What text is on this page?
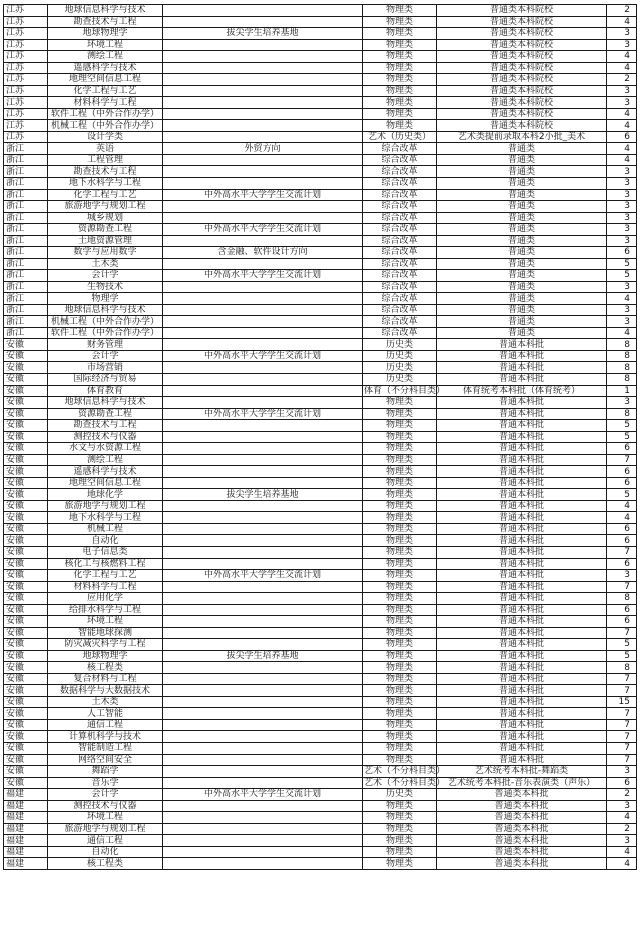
江苏	地球信息科学与技术		物理类	普通类本科院校	2
江苏	勘查技术与工程		物理类	普通类本科院校	4
江苏	地球物理学	拔尖学生培养基地	物理类	普通类本科院校	3
江苏	环境工程		物理类	普通类本科院校	3
江苏	测绘工程		物理类	普通类本科院校	4
江苏	遥感科学与技术		物理类	普通类本科院校	4
江苏	地理空间信息工程		物理类	普通类本科院校	2
江苏	化学工程与工艺		物理类	普通类本科院校	3
江苏	材料科学与工程		物理类	普通类本科院校	3
江苏	软件工程（中外合作办学）		物理类	普通类本科院校	4
江苏	机械工程（中外合作办学）		物理类	普通类本科院校	4
江苏	设计学类		艺术（历史类）	艺术类提前录取本科2小批_美术	6
浙江	英语	外贸方向	综合改革	普通类	4
浙江	工程管理		综合改革	普通类	4
浙江	勘查技术与工程		综合改革	普通类	3
浙江	地下水科学与工程		综合改革	普通类	3
浙江	化学工程与工艺	中外高水平大学学生交流计划	综合改革	普通类	3
浙江	旅游地学与规划工程		综合改革	普通类	3
浙江	城乡规划		综合改革	普通类	3
浙江	资源勘查工程	中外高水平大学学生交流计划	综合改革	普通类	3
浙江	土地资源管理		综合改革	普通类	3
浙江	数学与应用数学	含金融、软件设计方向	综合改革	普通类	6
浙江	土木类		综合改革	普通类	5
浙江	会计学	中外高水平大学学生交流计划	综合改革	普通类	5
浙江	生物技术		综合改革	普通类	3
浙江	物理学		综合改革	普通类	4
浙江	地球信息科学与技术		综合改革	普通类	3
浙江	机械工程（中外合作办学）		综合改革	普通类	3
浙江	软件工程（中外合作办学）		综合改革	普通类	4
安徽	财务管理		历史类	普通本科批	8
安徽	会计学	中外高水平大学学生交流计划	历史类	普通本科批	8
安徽	市场营销		历史类	普通本科批	8
安徽	国际经济与贸易		历史类	普通本科批	8
安徽	体育教育		体育（不分科目类）	体育统考本科批（体育统考）	1
安徽	地球信息科学与技术		物理类	普通本科批	3
安徽	资源勘查工程	中外高水平大学学生交流计划	物理类	普通本科批	8
安徽	勘查技术与工程		物理类	普通本科批	5
安徽	测控技术与仪器		物理类	普通本科批	5
安徽	水文与水资源工程		物理类	普通本科批	6
安徽	测绘工程		物理类	普通本科批	7
安徽	遥感科学与技术		物理类	普通本科批	6
安徽	地理空间信息工程		物理类	普通本科批	6
安徽	地球化学	拔尖学生培养基地	物理类	普通本科批	5
安徽	旅游地学与规划工程		物理类	普通本科批	4
安徽	地下水科学与工程		物理类	普通本科批	4
安徽	机械工程		物理类	普通本科批	6
安徽	自动化		物理类	普通本科批	6
安徽	电子信息类		物理类	普通本科批	7
安徽	核化工与核燃料工程		物理类	普通本科批	6
安徽	化学工程与工艺	中外高水平大学学生交流计划	物理类	普通本科批	3
安徽	材料科学与工程		物理类	普通本科批	7
安徽	应用化学		物理类	普通本科批	8
安徽	给排水科学与工程		物理类	普通本科批	6
安徽	环境工程		物理类	普通本科批	6
安徽	智能地球探测		物理类	普通本科批	7
安徽	防灾减灾科学与工程		物理类	普通本科批	5
安徽	地球物理学	拔尖学生培养基地	物理类	普通本科批	5
安徽	核工程类		物理类	普通本科批	8
安徽	复合材料与工程		物理类	普通本科批	7
安徽	数据科学与大数据技术		物理类	普通本科批	7
安徽	土木类		物理类	普通本科批	15
安徽	人工智能		物理类	普通本科批	7
安徽	通信工程		物理类	普通本科批	7
安徽	计算机科学与技术		物理类	普通本科批	7
安徽	智能制造工程		物理类	普通本科批	7
安徽	网络空间安全		物理类	普通本科批	7
安徽	舞蹈学		艺术（不分科目类）	艺术统考本科批-舞蹈类	3
安徽	音乐学		艺术（不分科目类）	艺术统考本科批-音乐表演类（声乐）	6
福建	会计学	中外高水平大学学生交流计划	历史类	普通类本科批	2
福建	测控技术与仪器		物理类	普通类本科批	3
福建	环境工程		物理类	普通类本科批	4
福建	旅游地学与规划工程		物理类	普通类本科批	2
福建	通信工程		物理类	普通类本科批	3
福建	自动化		物理类	普通类本科批	4
福建	核工程类		物理类	普通类本科批	4
